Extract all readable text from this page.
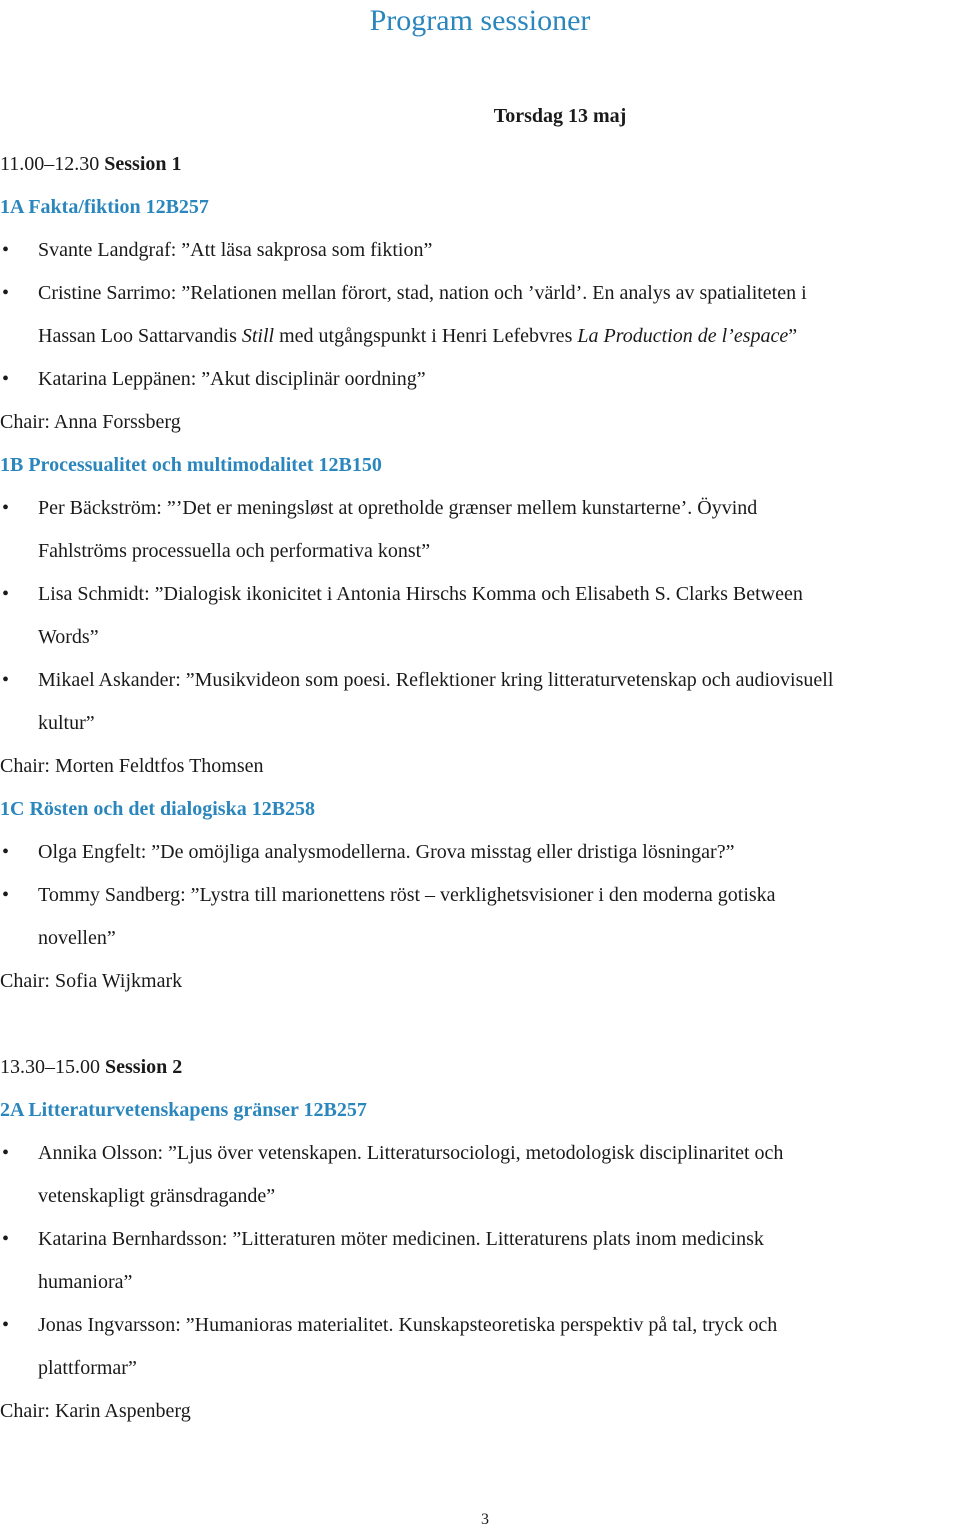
Program sessioner
Torsdag 13 maj
11.00–12.30 Session 1
1A Fakta/fiktion 12B257
•	Svante Landgraf: ”Att läsa sakprosa som fiktion”
•	Cristine Sarrimo: ”Relationen mellan förort, stad, nation och ’värld’. En analys av spatialiteten i
Hassan Loo Sattarvandis Still med utgångspunkt i Henri Lefebvres La Production de l’espace”
•	Katarina Leppänen: ”Akut disciplinär oordning”
Chair: Anna Forssberg
1B Processualitet och multimodalitet 12B150
•	Per Bäckström: ”’Det er meningsløst at opretholde grænser mellem kunstarterne’. Öyvind
Fahlströms processuella och performativa konst”
•	Lisa Schmidt: ”Dialogisk ikonicitet i Antonia Hirschs Komma och Elisabeth S. Clarks Between
Words”
•	Mikael Askander: ”Musikvideon som poesi. Reflektioner kring litteraturvetenskap och audiovisuell
kultur”
Chair: Morten Feldtfos Thomsen
1C Rösten och det dialogiska 12B258
•	Olga Engfelt: ”De omöjliga analysmodellerna. Grova misstag eller dristiga lösningar?”
•	Tommy Sandberg: ”Lystra till marionettens röst – verklighetsvisioner i den moderna gotiska
novellen”
Chair: Sofia Wijkmark
13.30–15.00 Session 2
2A Litteraturvetenskapens gränser 12B257
•	Annika Olsson: ”Ljus över vetenskapen. Litteratursociologi, metodologisk disciplinaritet och
vetenskapligt gränsdragande”
•	Katarina Bernhardsson: ”Litteraturen möter medicinen. Litteraturens plats inom medicinsk
humaniora”
•	Jonas Ingvarsson: ”Humanioras materialitet. Kunskapsteoretiska perspektiv på tal, tryck och
plattformar”
Chair: Karin Aspenberg
3
